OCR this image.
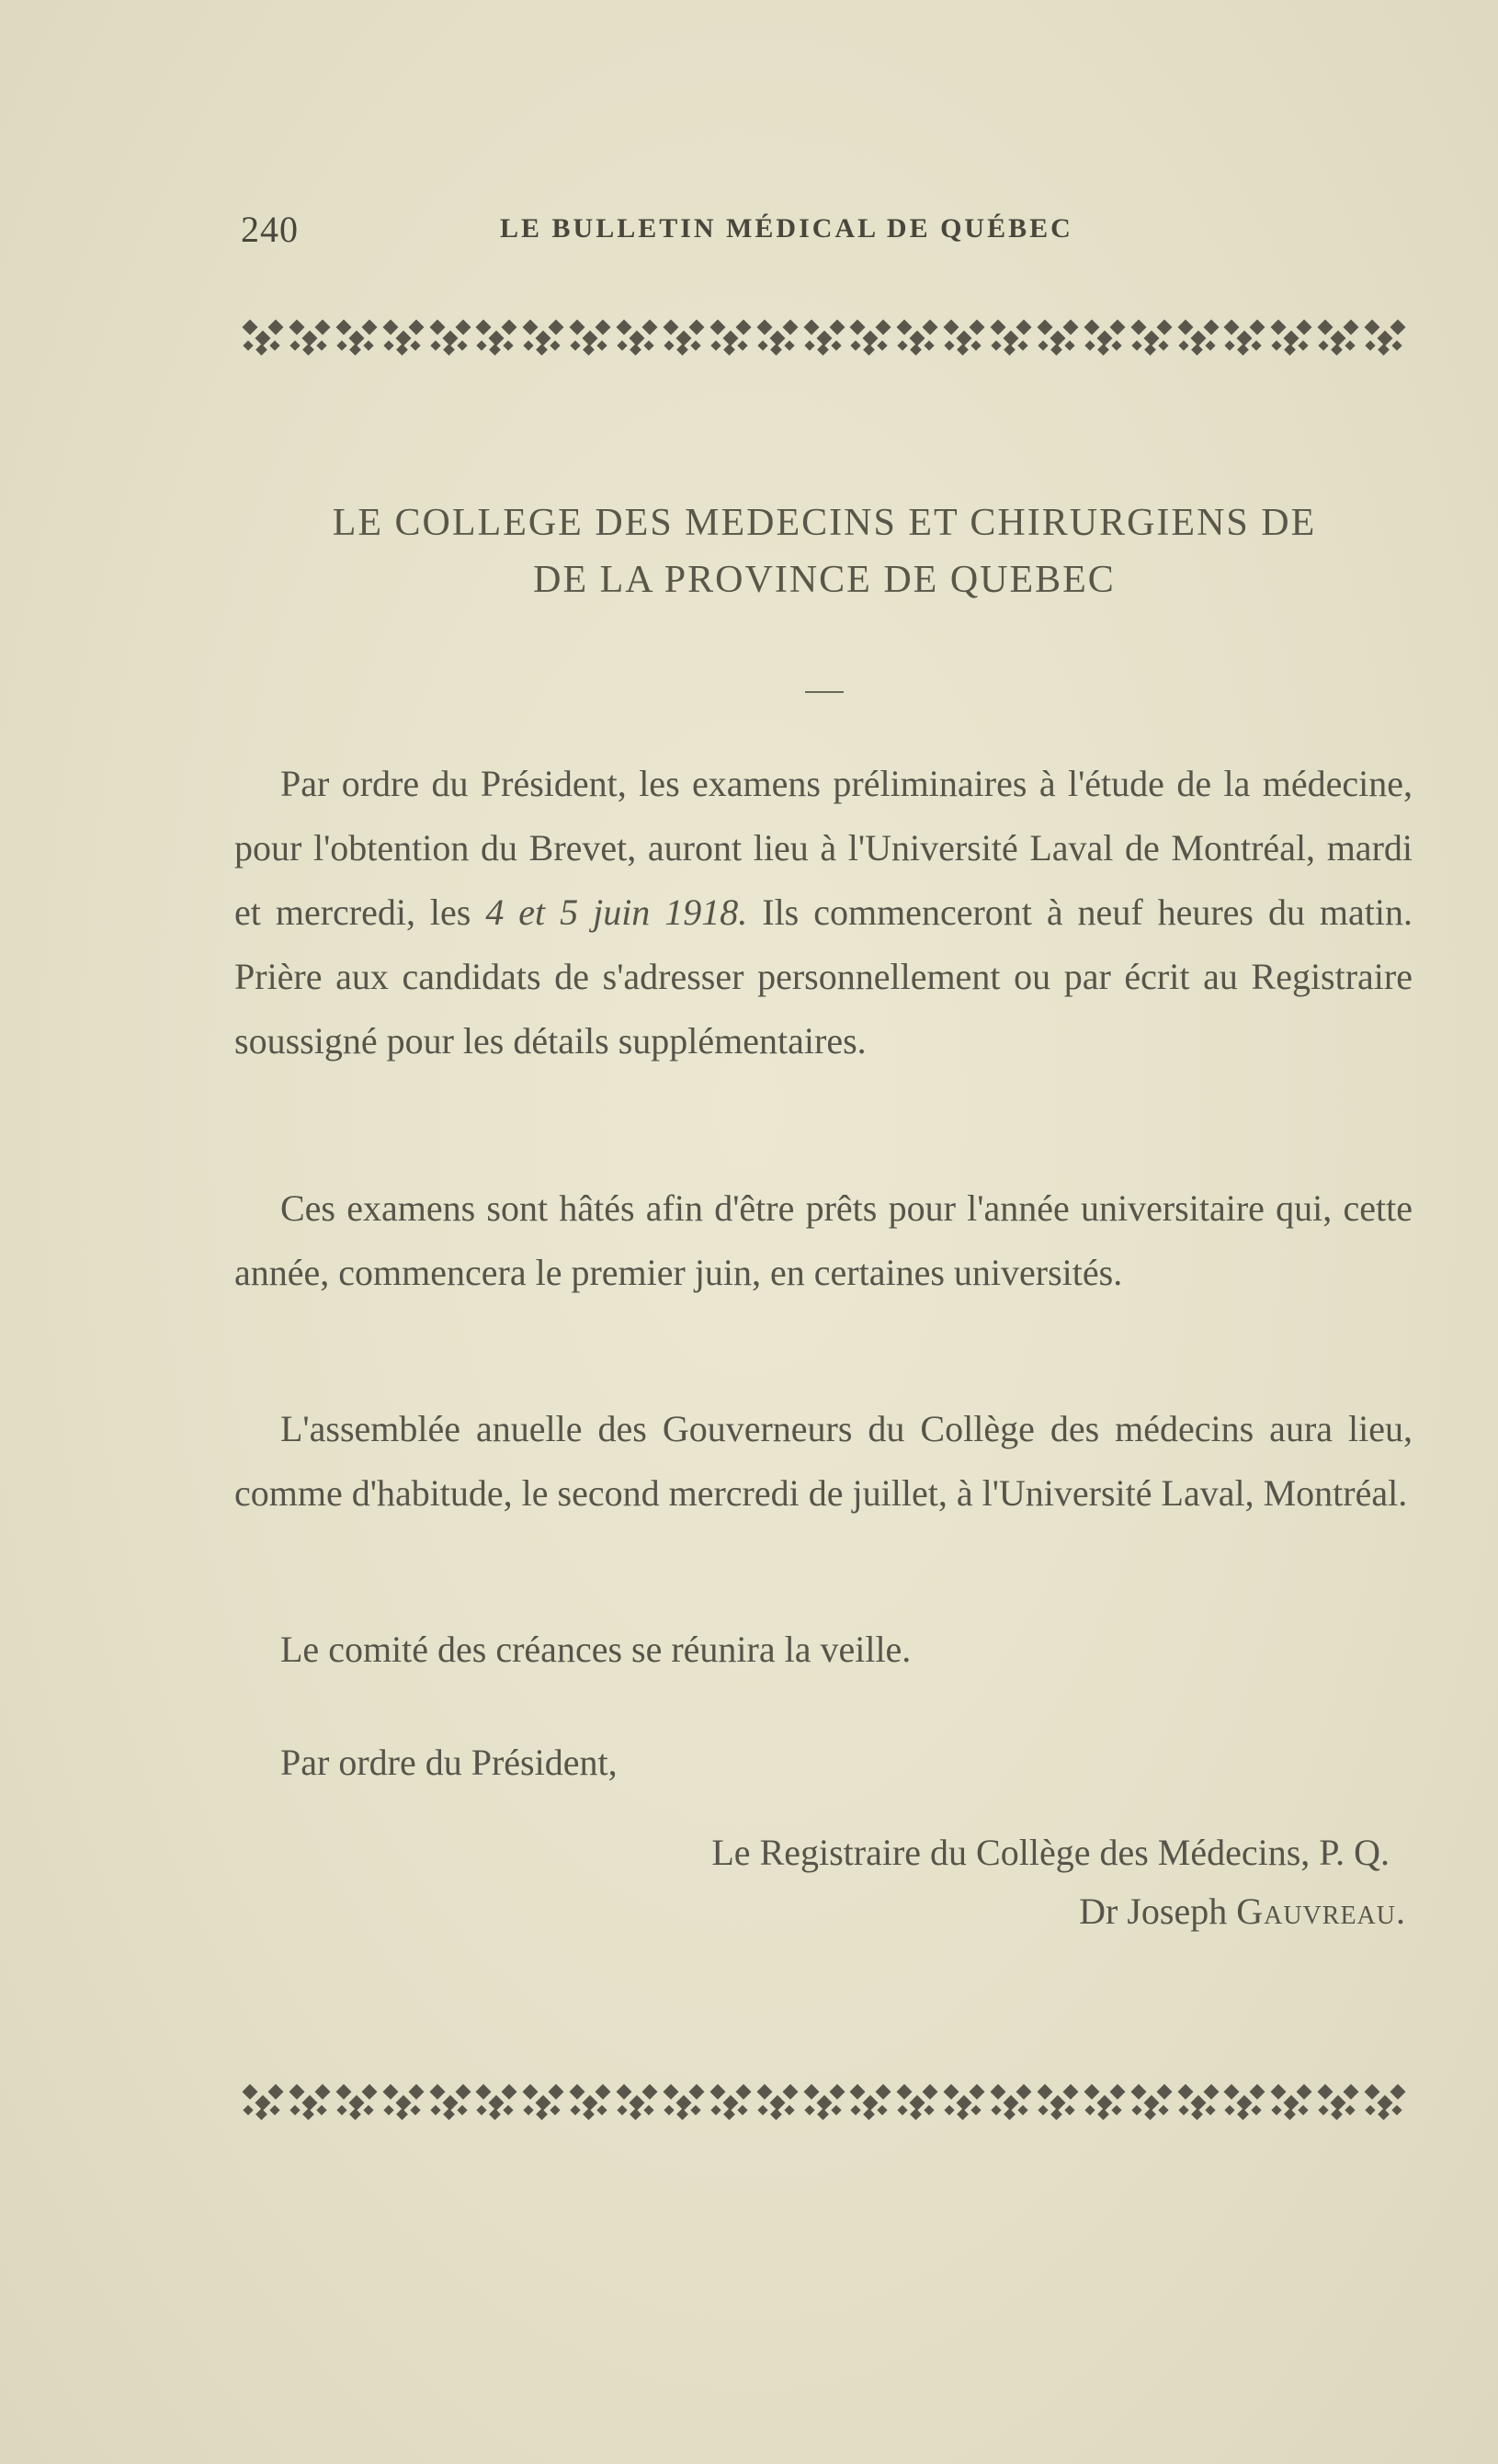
240	LE BULLETIN MÉDICAL DE QUÉBEC
LE COLLEGE DES MEDECINS ET CHIRURGIENS DE
DE LA PROVINCE DE QUEBEC

Par ordre du Président, les examens préliminaires à l'étude de la médecine, pour l'obtention du Brevet, auront lieu à l'Université Laval de Montréal, mardi et mercredi, les 4 et 5 juin 1918. Ils commenceront à neuf heures du matin. Prière aux candidats de s'adresser personnellement ou par écrit au Registraire soussigné pour les détails supplémentaires.

Ces examens sont hâtés afin d'être prêts pour l'année universitaire qui, cette année, commencera le premier juin, en certaines universités.

L'assemblée anuelle des Gouverneurs du Collège des médecins aura lieu, comme d'habitude, le second mercredi de juillet, à l'Université Laval, Montréal.

Le comité des créances se réunira la veille.

Par ordre du Président,

Le Registraire du Collège des Médecins, P. Q.
Dr Joseph Gauvreau.
